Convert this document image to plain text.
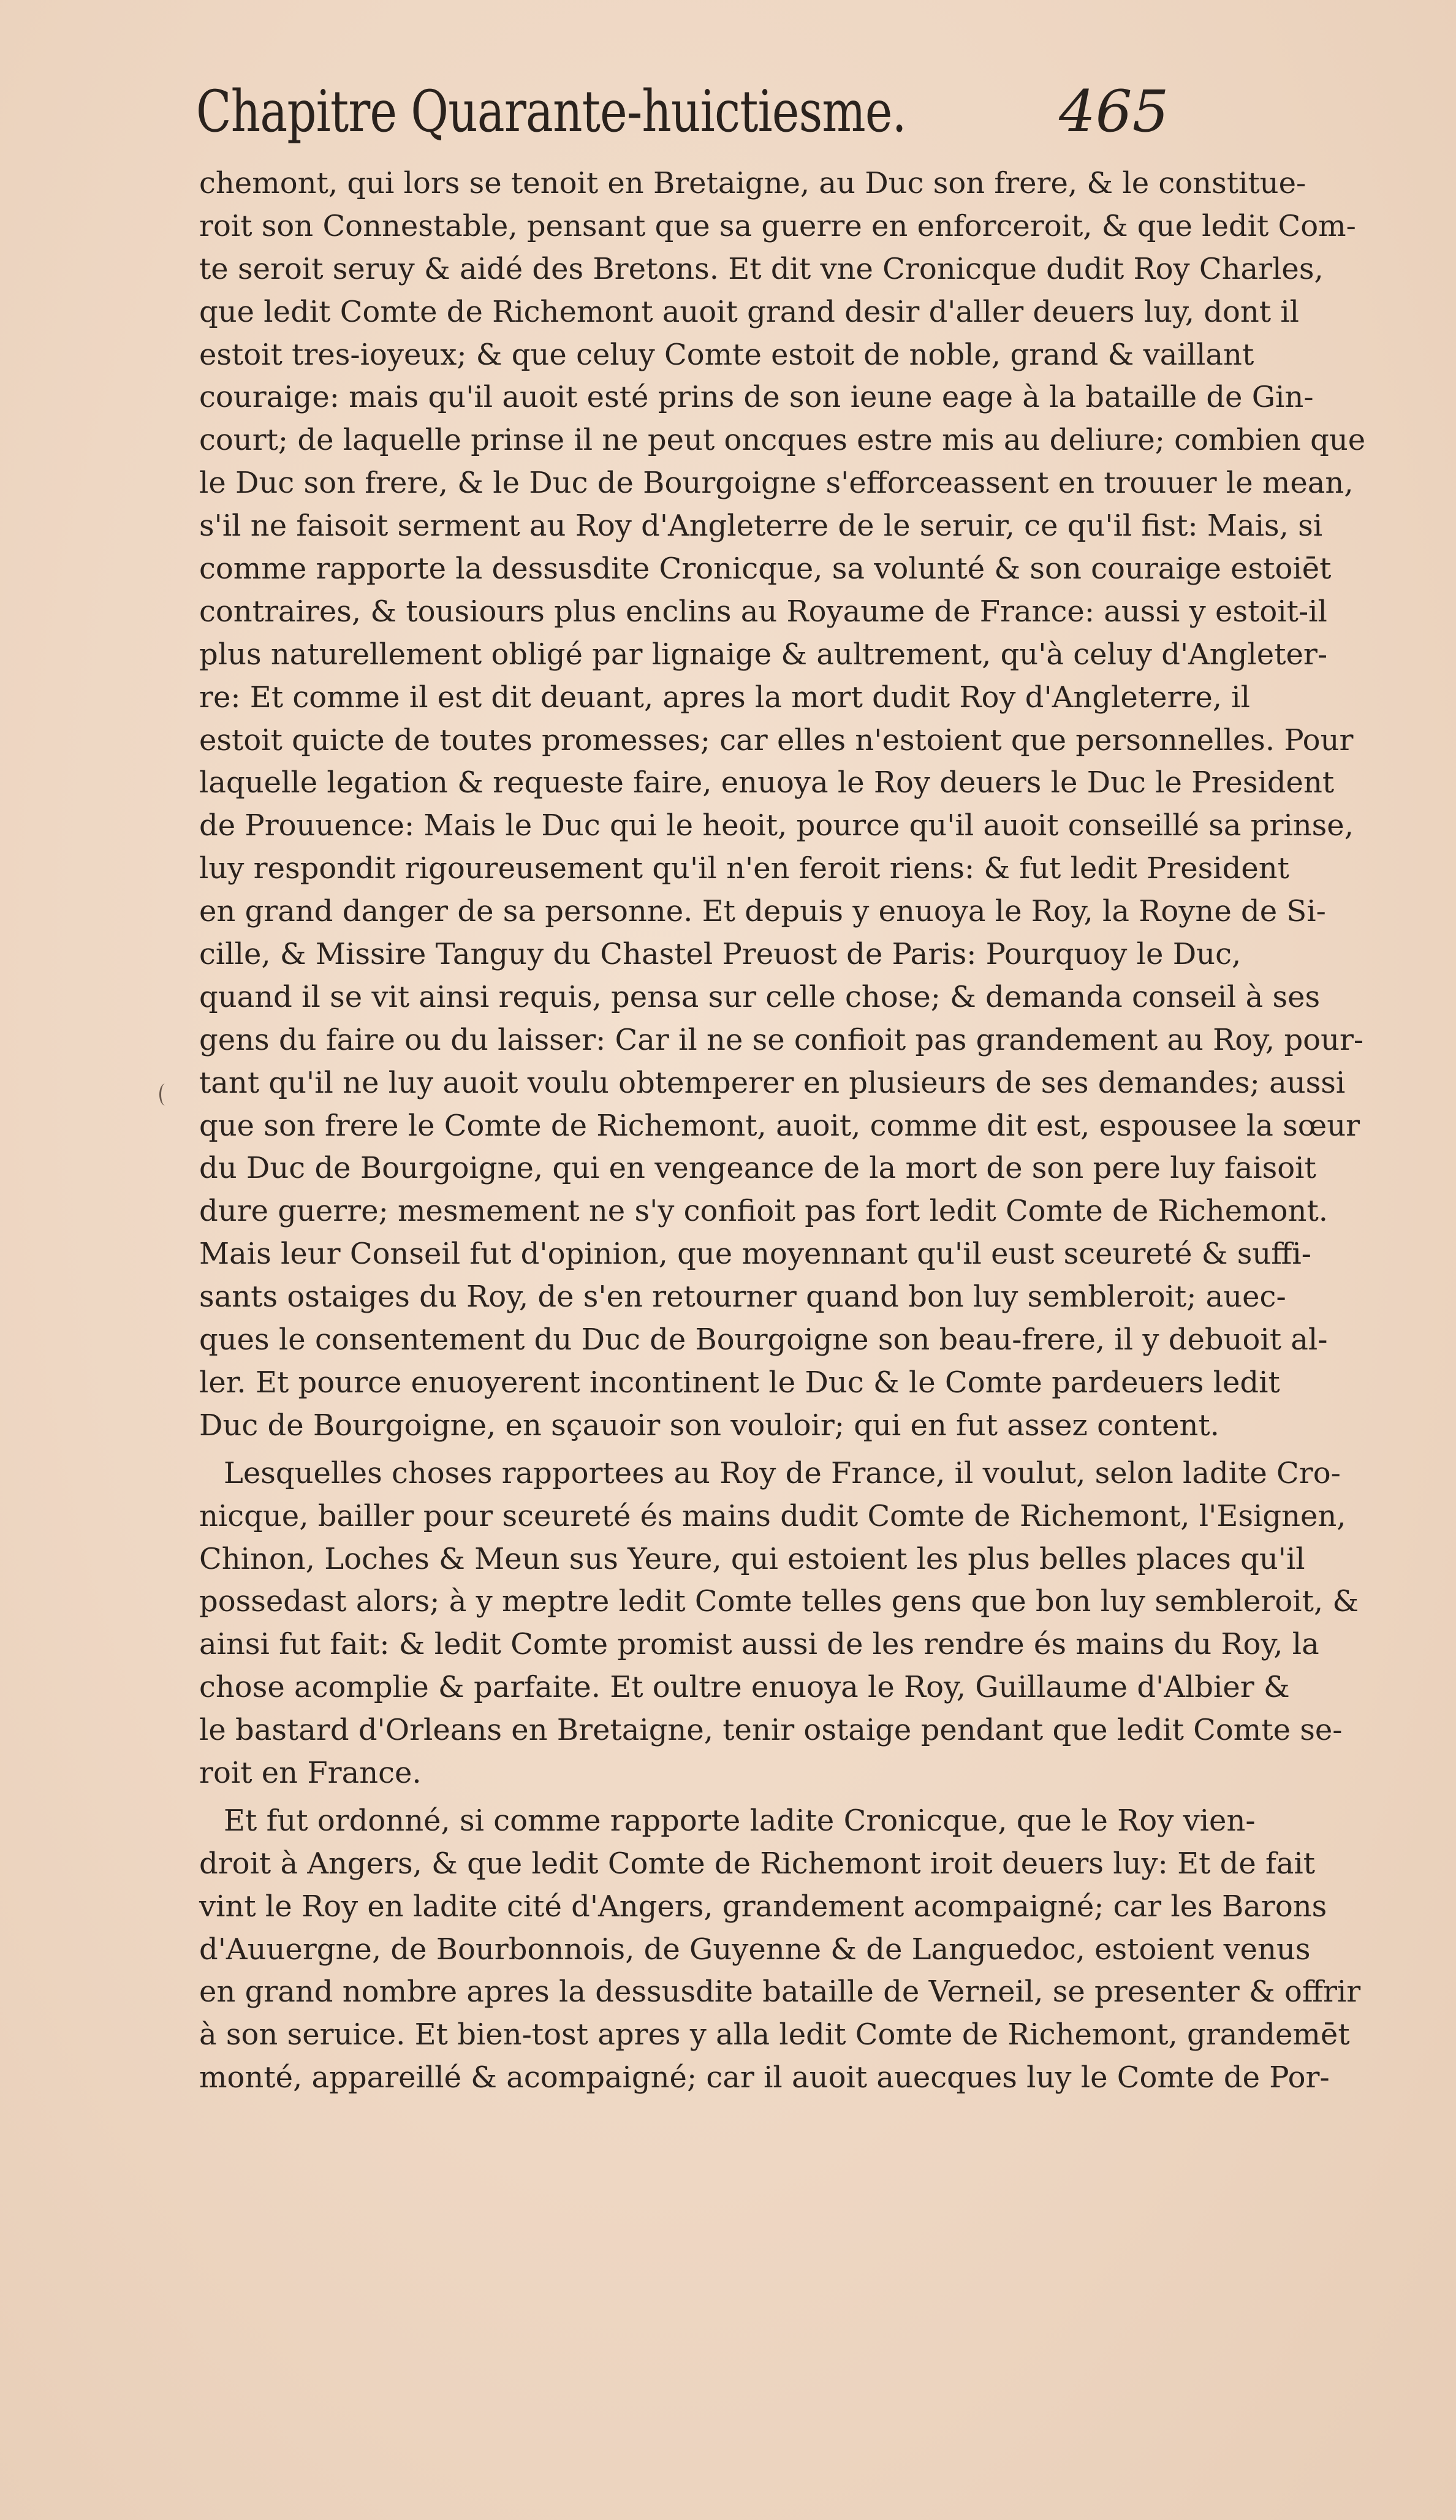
Chapitre Quarante-huictiesme.	465
chemont, qui lors se tenoit en Bretaigne, au Duc son frere, & le constitue-
roit son Connestable, pensant que sa guerre en enforceroit, & que ledit Com-
te seroit seruy & aidé des Bretons. Et dit vne Cronicque dudit Roy Charles,
que ledit Comte de Richemont auoit grand desir d'aller deuers luy, dont il
estoit tres-ioyeux; & que celuy Comte estoit de noble, grand & vaillant
couraige: mais qu'il auoit esté prins de son ieune eage à la bataille de Gin-
court; de laquelle prinse il ne peut oncques estre mis au deliure; combien que
le Duc son frere, & le Duc de Bourgoigne s'efforceassent en trouuer le mean,
s'il ne faisoit serment au Roy d'Angleterre de le seruir, ce qu'il fist: Mais, si
comme rapporte la dessusdite Cronicque, sa volunté & son couraige estoiēt
contraires, & tousiours plus enclins au Royaume de France: aussi y estoit-il
plus naturellement obligé par lignaige & aultrement, qu'à celuy d'Angleter-
re: Et comme il est dit deuant, apres la mort dudit Roy d'Angleterre, il
estoit quicte de toutes promesses; car elles n'estoient que personnelles. Pour
laquelle legation & requeste faire, enuoya le Roy deuers le Duc le President
de Prouuence: Mais le Duc qui le heoit, pource qu'il auoit conseillé sa prinse,
luy respondit rigoureusement qu'il n'en feroit riens: & fut ledit President
en grand danger de sa personne. Et depuis y enuoya le Roy, la Royne de Si-
cille, & Missire Tanguy du Chastel Preuost de Paris: Pourquoy le Duc,
quand il se vit ainsi requis, pensa sur celle chose; & demanda conseil à ses
gens du faire ou du laisser: Car il ne se confioit pas grandement au Roy, pour-
tant qu'il ne luy auoit voulu obtemperer en plusieurs de ses demandes; aussi
que son frere le Comte de Richemont, auoit, comme dit est, espousee la sœur
du Duc de Bourgoigne, qui en vengeance de la mort de son pere luy faisoit
dure guerre; mesmement ne s'y confioit pas fort ledit Comte de Richemont.
Mais leur Conseil fut d'opinion, que moyennant qu'il eust sceureté & suffi-
sants ostaiges du Roy, de s'en retourner quand bon luy sembleroit; auec-
ques le consentement du Duc de Bourgoigne son beau-frere, il y debuoit al-
ler. Et pource enuoyerent incontinent le Duc & le Comte pardeuers ledit
Duc de Bourgoigne, en sçauoir son vouloir; qui en fut assez content.
Lesquelles choses rapportees au Roy de France, il voulut, selon ladite Cro-
nicque, bailler pour sceureté és mains dudit Comte de Richemont, l'Esignen,
Chinon, Loches & Meun sus Yeure, qui estoient les plus belles places qu'il
possedast alors; à y meptre ledit Comte telles gens que bon luy sembleroit, &
ainsi fut fait: & ledit Comte promist aussi de les rendre és mains du Roy, la
chose acomplie & parfaite. Et oultre enuoya le Roy, Guillaume d'Albier &
le bastard d'Orleans en Bretaigne, tenir ostaige pendant que ledit Comte se-
roit en France.
Et fut ordonné, si comme rapporte ladite Cronicque, que le Roy vien-
droit à Angers, & que ledit Comte de Richemont iroit deuers luy: Et de fait
vint le Roy en ladite cité d'Angers, grandement acompaigné; car les Barons
d'Auuergne, de Bourbonnois, de Guyenne & de Languedoc, estoient venus
en grand nombre apres la dessusdite bataille de Verneil, se presenter & offrir
à son seruice. Et bien-tost apres y alla ledit Comte de Richemont, grandemēt
monté, appareillé & acompaigné; car il auoit auecques luy le Comte de Por-
